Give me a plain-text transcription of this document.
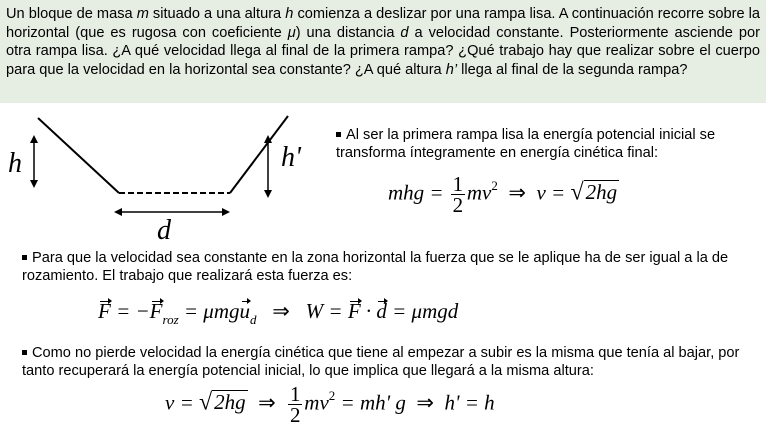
Un bloque de masa m situado a una altura h comienza a deslizar por una rampa lisa. A continuación recorre sobre la horizontal (que es rugosa con coeficiente μ) una distancia d a velocidad constante. Posteriormente asciende por otra rampa lisa. ¿A qué velocidad llega al final de la primera rampa? ¿Qué trabajo hay que realizar sobre el cuerpo para que la velocidad en la horizontal sea constante? ¿A qué altura h’ llega al final de la segunda rampa?
h	h'
d
Al ser la primera rampa lisa la energía potencial inicial se transforma íntegramente en energía cinética final:
mhg = $\frac{1}{2} mv^2$ ⇒ v = √2hg
Para que la velocidad sea constante en la zona horizontal la fuerza que se le aplique ha de ser igual a la de rozamiento. El trabajo que realizará esta fuerza es:
$F = -F_{roz} = \mu mgu_d$ ⇒ W = F · d = μmgd
Como no pierde velocidad la energía cinética que tiene al empezar a subir es la misma que tenía al bajar, por tanto recuperará la energía potencial inicial, lo que implica que llegará a la misma altura:
v = √2hg ⇒ $\frac{1}{2} mv^2 = mh'$ g ⇒ h' = h
